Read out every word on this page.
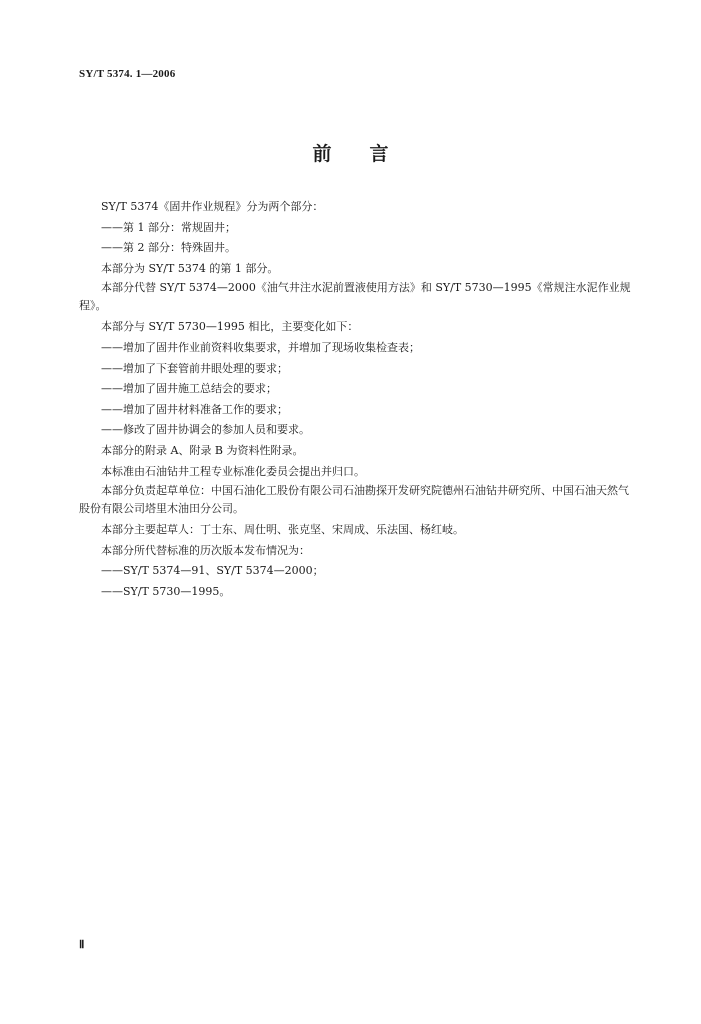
SY/T 5374. 1—2006
前言

SY/T 5374《固井作业规程》分为两个部分：

——第 1 部分：常规固井；

——第 2 部分：特殊固井。

本部分为 SY/T 5374 的第 1 部分。

本部分代替 SY/T 5374—2000《油气井注水泥前置液使用方法》和 SY/T 5730—1995《常规注水泥作业规程》。

本部分与 SY/T 5730—1995 相比，主要变化如下：

——增加了固井作业前资料收集要求，并增加了现场收集检查表；

——增加了下套管前井眼处理的要求；

——增加了固井施工总结会的要求；

——增加了固井材料准备工作的要求；

——修改了固井协调会的参加人员和要求。

本部分的附录 A、附录 B 为资料性附录。

本标准由石油钻井工程专业标准化委员会提出并归口。

本部分负责起草单位：中国石油化工股份有限公司石油勘探开发研究院德州石油钻井研究所、中国石油天然气股份有限公司塔里木油田分公司。

本部分主要起草人：丁士东、周仕明、张克坚、宋周成、乐法国、杨红岐。

本部分所代替标准的历次版本发布情况为：

——SY/T 5374—91、SY/T 5374—2000；

——SY/T 5730—1995。

Ⅱ
